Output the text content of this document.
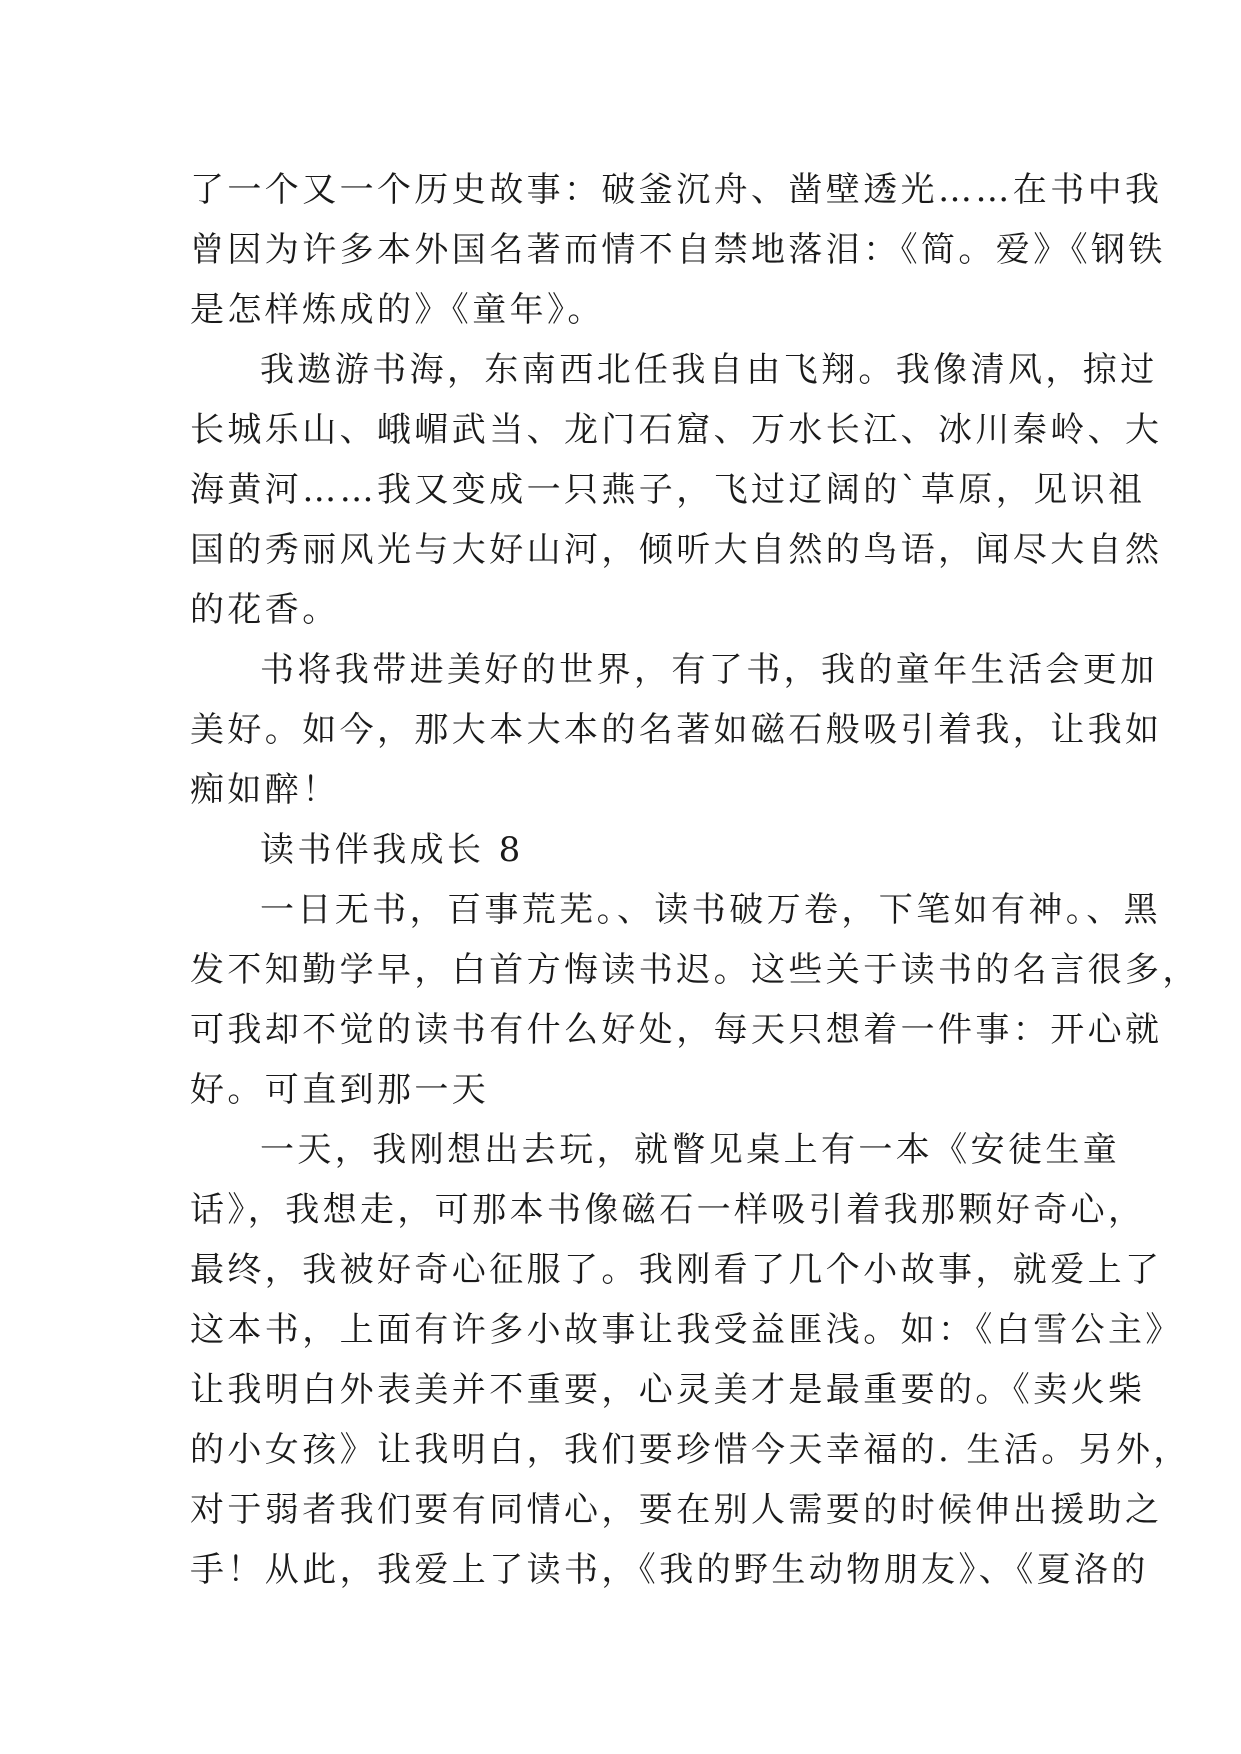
了一个又一个历史故事：破釜沉舟、凿壁透光……在书中我
曾因为许多本外国名著而情不自禁地落泪：《简。爱》《钢铁
是怎样炼成的》《童年》。
我遨游书海，东南西北任我自由飞翔。我像清风，掠过
长城乐山、峨嵋武当、龙门石窟、万水长江、冰川秦岭、大
海黄河……我又变成一只燕子，飞过辽阔的`草原，见识祖
国的秀丽风光与大好山河，倾听大自然的鸟语，闻尽大自然
的花香。
书将我带进美好的世界，有了书，我的童年生活会更加
美好。如今，那大本大本的名著如磁石般吸引着我，让我如
痴如醉！
读书伴我成长 8
一日无书，百事荒芜。、读书破万卷，下笔如有神。、黑
发不知勤学早，白首方悔读书迟。这些关于读书的名言很多，
可我却不觉的读书有什么好处，每天只想着一件事：开心就
好。可直到那一天
一天，我刚想出去玩，就瞥见桌上有一本《安徒生童
话》，我想走，可那本书像磁石一样吸引着我那颗好奇心，
最终，我被好奇心征服了。我刚看了几个小故事，就爱上了
这本书，上面有许多小故事让我受益匪浅。如：《白雪公主》
让我明白外表美并不重要，心灵美才是最重要的。《卖火柴
的小女孩》让我明白，我们要珍惜今天幸福的. 生活。另外，
对于弱者我们要有同情心，要在别人需要的时候伸出援助之
手！从此，我爱上了读书，《我的野生动物朋友》、《夏洛的
